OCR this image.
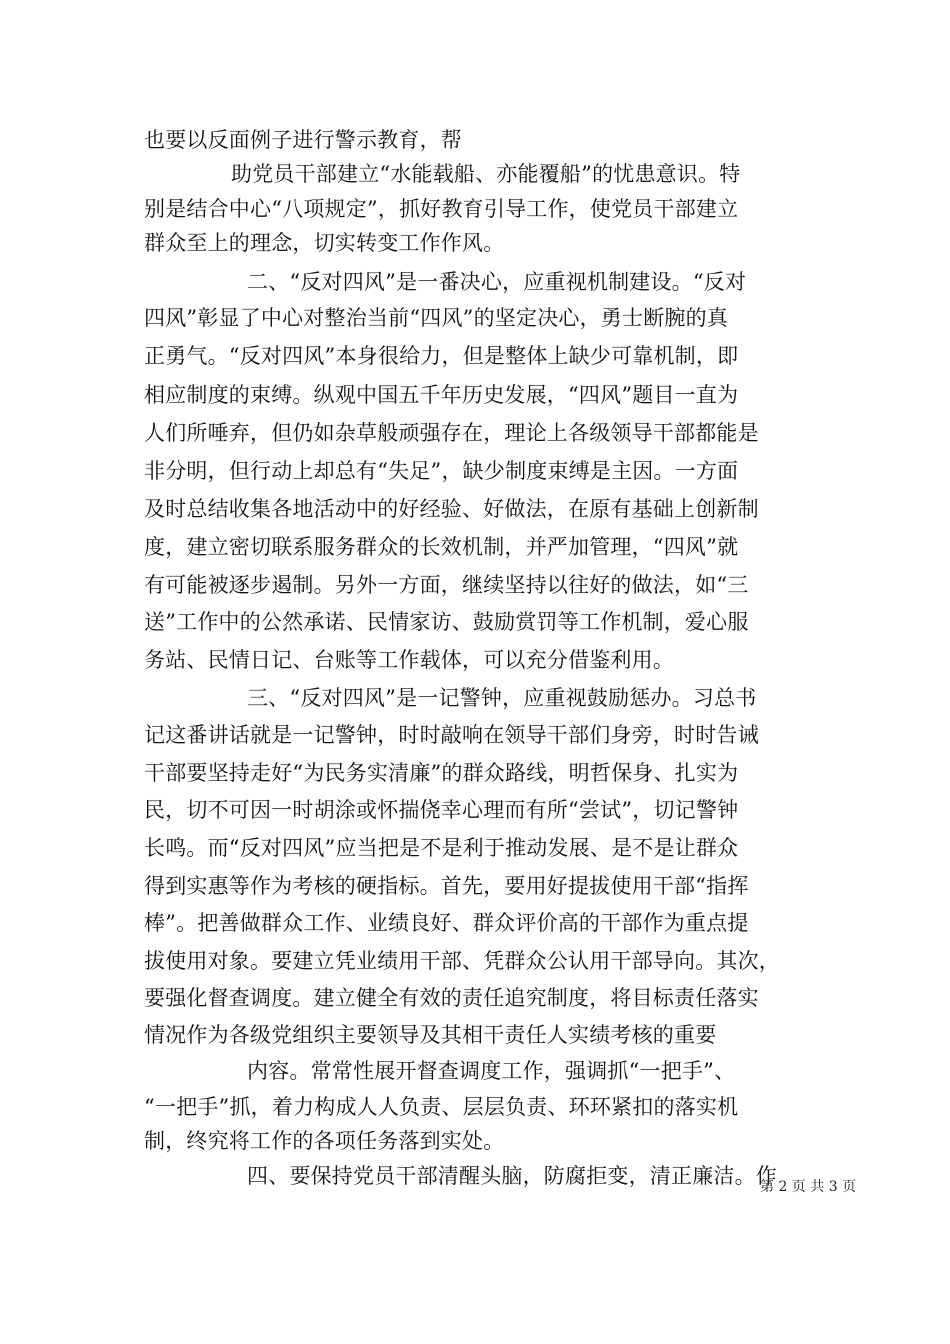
也要以反面例子进行警示教育，帮
助党员干部建立“水能载船、亦能覆船”的忧患意识。特
别是结合中心“八项规定”，抓好教育引导工作，使党员干部建立
群众至上的理念，切实转变工作作风。
二、“反对四风”是一番决心，应重视机制建设。“反对
四风”彰显了中心对整治当前“四风”的坚定决心，勇士断腕的真
正勇气。“反对四风”本身很给力，但是整体上缺少可靠机制，即
相应制度的束缚。纵观中国五千年历史发展，“四风”题目一直为
人们所唾弃，但仍如杂草般顽强存在，理论上各级领导干部都能是
非分明，但行动上却总有“失足”，缺少制度束缚是主因。一方面
及时总结收集各地活动中的好经验、好做法，在原有基础上创新制
度，建立密切联系服务群众的长效机制，并严加管理，“四风”就
有可能被逐步遏制。另外一方面，继续坚持以往好的做法，如“三
送”工作中的公然承诺、民情家访、鼓励赏罚等工作机制，爱心服
务站、民情日记、台账等工作载体，可以充分借鉴利用。
三、“反对四风”是一记警钟，应重视鼓励惩办。习总书
记这番讲话就是一记警钟，时时敲响在领导干部们身旁，时时告诫
干部要坚持走好“为民务实清廉”的群众路线，明哲保身、扎实为
民，切不可因一时胡涂或怀揣侥幸心理而有所“尝试”，切记警钟
长鸣。而“反对四风”应当把是不是利于推动发展、是不是让群众
得到实惠等作为考核的硬指标。首先，要用好提拔使用干部“指挥
棒”。把善做群众工作、业绩良好、群众评价高的干部作为重点提
拔使用对象。要建立凭业绩用干部、凭群众公认用干部导向。其次，
要强化督查调度。建立健全有效的责任追究制度，将目标责任落实
情况作为各级党组织主要领导及其相干责任人实绩考核的重要
内容。常常性展开督查调度工作，强调抓“一把手”、
“一把手”抓，着力构成人人负责、层层负责、环环紧扣的落实机
制，终究将工作的各项任务落到实处。
四、要保持党员干部清醒头脑，防腐拒变，清正廉洁。作
第 2 页 共 3 页
